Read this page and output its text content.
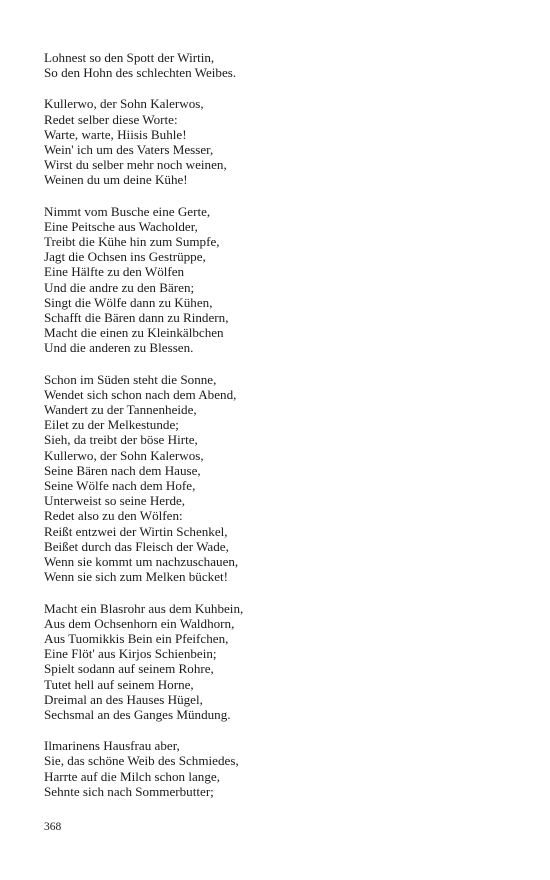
Lohnest so den Spott der Wirtin,
So den Hohn des schlechten Weibes.
Kullerwo, der Sohn Kalerwos,
Redet selber diese Worte:
Warte, warte, Hiisis Buhle!
Wein' ich um des Vaters Messer,
Wirst du selber mehr noch weinen,
Weinen du um deine Kühe!
Nimmt vom Busche eine Gerte,
Eine Peitsche aus Wacholder,
Treibt die Kühe hin zum Sumpfe,
Jagt die Ochsen ins Gestrüppe,
Eine Hälfte zu den Wölfen
Und die andre zu den Bären;
Singt die Wölfe dann zu Kühen,
Schafft die Bären dann zu Rindern,
Macht die einen zu Kleinkälbchen
Und die anderen zu Blessen.
Schon im Süden steht die Sonne,
Wendet sich schon nach dem Abend,
Wandert zu der Tannenheide,
Eilet zu der Melkestunde;
Sieh, da treibt der böse Hirte,
Kullerwo, der Sohn Kalerwos,
Seine Bären nach dem Hause,
Seine Wölfe nach dem Hofe,
Unterweist so seine Herde,
Redet also zu den Wölfen:
Reißt entzwei der Wirtin Schenkel,
Beißet durch das Fleisch der Wade,
Wenn sie kommt um nachzuschauen,
Wenn sie sich zum Melken bücket!
Macht ein Blasrohr aus dem Kuhbein,
Aus dem Ochsenhorn ein Waldhorn,
Aus Tuomikkis Bein ein Pfeifchen,
Eine Flöt' aus Kirjos Schienbein;
Spielt sodann auf seinem Rohre,
Tutet hell auf seinem Horne,
Dreimal an des Hauses Hügel,
Sechsmal an des Ganges Mündung.
Ilmarinens Hausfrau aber,
Sie, das schöne Weib des Schmiedes,
Harrte auf die Milch schon lange,
Sehnte sich nach Sommerbutter;
368
